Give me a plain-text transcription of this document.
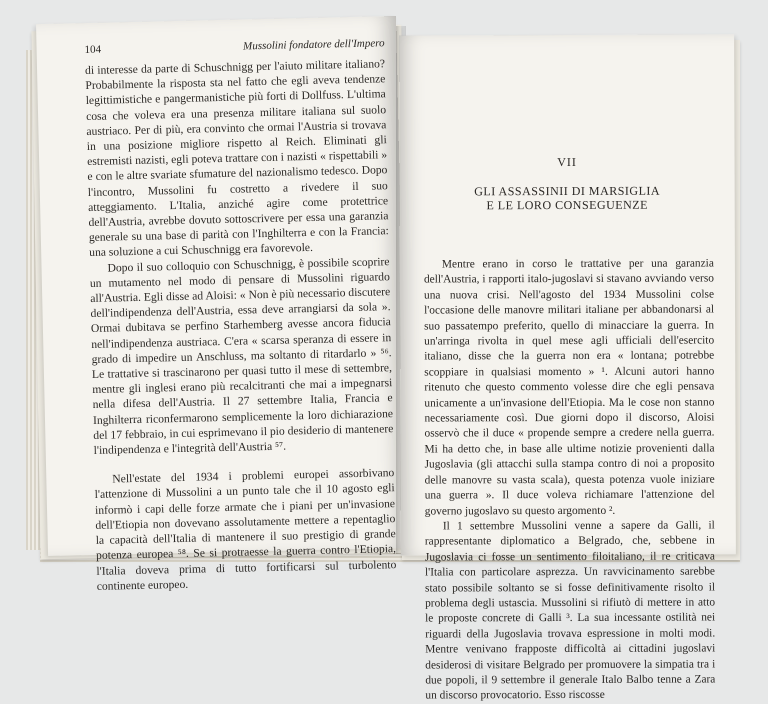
104	Mussolini fondatore dell'Impero

di interesse da parte di Schuschnigg per l'aiuto militare italiano? Probabilmente la risposta sta nel fatto che egli aveva tendenze legittimistiche e pangermanistiche più forti di Dollfuss. L'ultima cosa che voleva era una presenza militare italiana sul suolo austriaco. Per di più, era convinto che ormai l'Austria si trovava in una posizione migliore rispetto al Reich. Eliminati gli estremisti nazisti, egli poteva trattare con i nazisti « rispettabili » e con le altre svariate sfumature del nazionalismo tedesco. Dopo l'incontro, Mussolini fu costretto a rivedere il suo atteggiamento. L'Italia, anziché agire come protettrice dell'Austria, avrebbe dovuto sottoscrivere per essa una garanzia generale su una base di parità con l'Inghilterra e con la Francia: una soluzione a cui Schuschnigg era favorevole.

Dopo il suo colloquio con Schuschnigg, è possibile scoprire un mutamento nel modo di pensare di Mussolini riguardo all'Austria. Egli disse ad Aloisi: « Non è più necessario discutere dell'indipendenza dell'Austria, essa deve arrangiarsi da sola ». Ormai dubitava se perfino Starhemberg avesse ancora fiducia nell'indipendenza austriaca. C'era « scarsa speranza di essere in grado di impedire un Anschluss, ma soltanto di ritardarlo » ⁵⁶. Le trattative si trascinarono per quasi tutto il mese di settembre, mentre gli inglesi erano più recalcitranti che mai a impegnarsi nella difesa dell'Austria. Il 27 settembre Italia, Francia e Inghilterra riconfermarono semplicemente la loro dichiarazione del 17 febbraio, in cui esprimevano il pio desiderio di mantenere l'indipendenza e l'integrità dell'Austria ⁵⁷.

Nell'estate del 1934 i problemi europei assorbivano l'attenzione di Mussolini a un punto tale che il 10 agosto egli informò i capi delle forze armate che i piani per un'invasione dell'Etiopia non dovevano assolutamente mettere a repentaglio la capacità dell'Italia di mantenere il suo prestigio di grande potenza europea ⁵⁸. Se si protraesse la guerra contro l'Etiopia, l'Italia doveva prima di tutto fortificarsi sul turbolento continente europeo.

VII
GLI ASSASSINII DI MARSIGLIA
E LE LORO CONSEGUENZE

Mentre erano in corso le trattative per una garanzia dell'Austria, i rapporti italo-jugoslavi si stavano avviando verso una nuova crisi. Nell'agosto del 1934 Mussolini colse l'occasione delle manovre militari italiane per abbandonarsi al suo passatempo preferito, quello di minacciare la guerra. In un'arringa rivolta in quel mese agli ufficiali dell'esercito italiano, disse che la guerra non era « lontana; potrebbe scoppiare in qualsiasi momento » ¹. Alcuni autori hanno ritenuto che questo commento volesse dire che egli pensava unicamente a un'invasione dell'Etiopia. Ma le cose non stanno necessariamente così. Due giorni dopo il discorso, Aloisi osservò che il duce « propende sempre a credere nella guerra. Mi ha detto che, in base alle ultime notizie provenienti dalla Jugoslavia (gli attacchi sulla stampa contro di noi a proposito delle manovre su vasta scala), questa potenza vuole iniziare una guerra ». Il duce voleva richiamare l'attenzione del governo jugoslavo su questo argomento ².

Il 1 settembre Mussolini venne a sapere da Galli, il rappresentante diplomatico a Belgrado, che, sebbene in Jugoslavia ci fosse un sentimento filoitaliano, il re criticava l'Italia con particolare asprezza. Un ravvicinamento sarebbe stato possibile soltanto se si fosse definitivamente risolto il problema degli ustascia. Mussolini si rifiutò di mettere in atto le proposte concrete di Galli ³. La sua incessante ostilità nei riguardi della Jugoslavia trovava espressione in molti modi. Mentre venivano frapposte difficoltà ai cittadini jugoslavi desiderosi di visitare Belgrado per promuovere la simpatia tra i due popoli, il 9 settembre il generale Italo Balbo tenne a Zara un discorso provocatorio. Esso riscosse
